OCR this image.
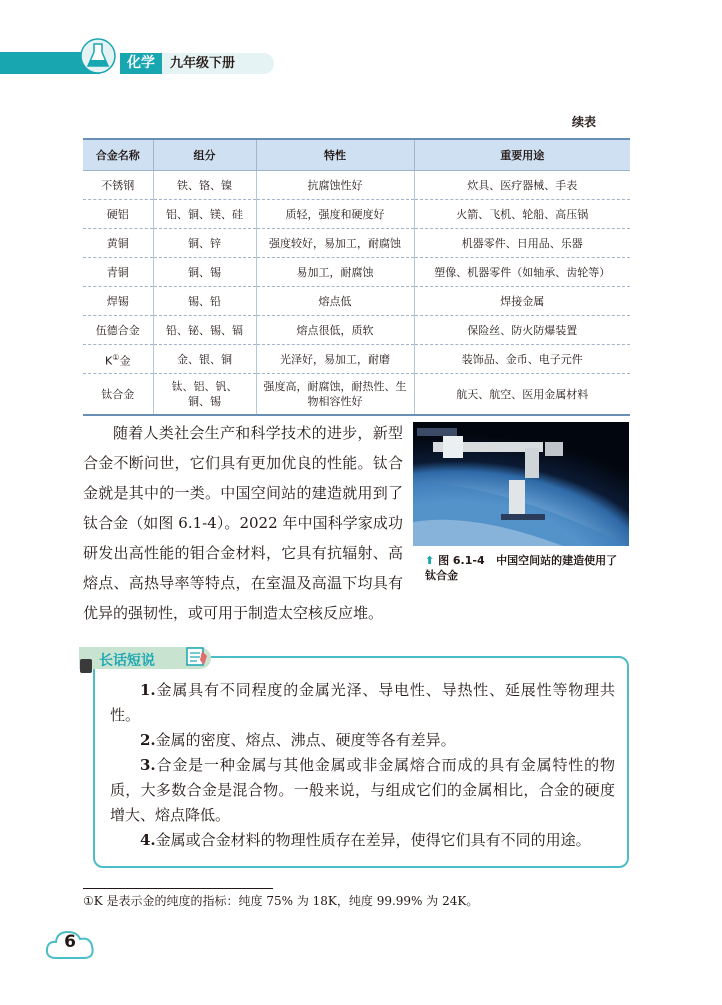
化学	九年级下册
续表
合金名称	组分	特性	重要用途
不锈钢	铁、铬、镍	抗腐蚀性好	炊具、医疗器械、手表
硬铝	铝、铜、镁、硅	质轻，强度和硬度好	火箭、飞机、轮船、高压锅
黄铜	铜、锌	强度较好，易加工，耐腐蚀	机器零件、日用品、乐器
青铜	铜、锡	易加工，耐腐蚀	塑像、机器零件（如轴承、齿轮等）
焊锡	锡、铅	熔点低	焊接金属
伍德合金	铅、铋、锡、镉	熔点很低，质软	保险丝、防火防爆装置
K①金	金、银、铜	光泽好，易加工，耐磨	装饰品、金币、电子元件
钛合金	钛、铝、钒、铜、锡	强度高，耐腐蚀，耐热性、生物相容性好	航天、航空、医用金属材料
随着人类社会生产和科学技术的进步，新型合金不断问世，它们具有更加优良的性能。钛合金就是其中的一类。中国空间站的建造就用到了钛合金（如图 6.1-4）。2022 年中国科学家成功研发出高性能的钼合金材料，它具有抗辐射、高熔点、高热导率等特点，在室温及高温下均具有优异的强韧性，或可用于制造太空核反应堆。
⬆ 图 6.1-4 中国空间站的建造使用了钛合金
长话短说

1.金属具有不同程度的金属光泽、导电性、导热性、延展性等物理共性。

2.金属的密度、熔点、沸点、硬度等各有差异。

3.合金是一种金属与其他金属或非金属熔合而成的具有金属特性的物质，大多数合金是混合物。一般来说，与组成它们的金属相比，合金的硬度增大、熔点降低。

4.金属或合金材料的物理性质存在差异，使得它们具有不同的用途。

①K 是表示金的纯度的指标：纯度 75% 为 18K，纯度 99.99% 为 24K。
6
